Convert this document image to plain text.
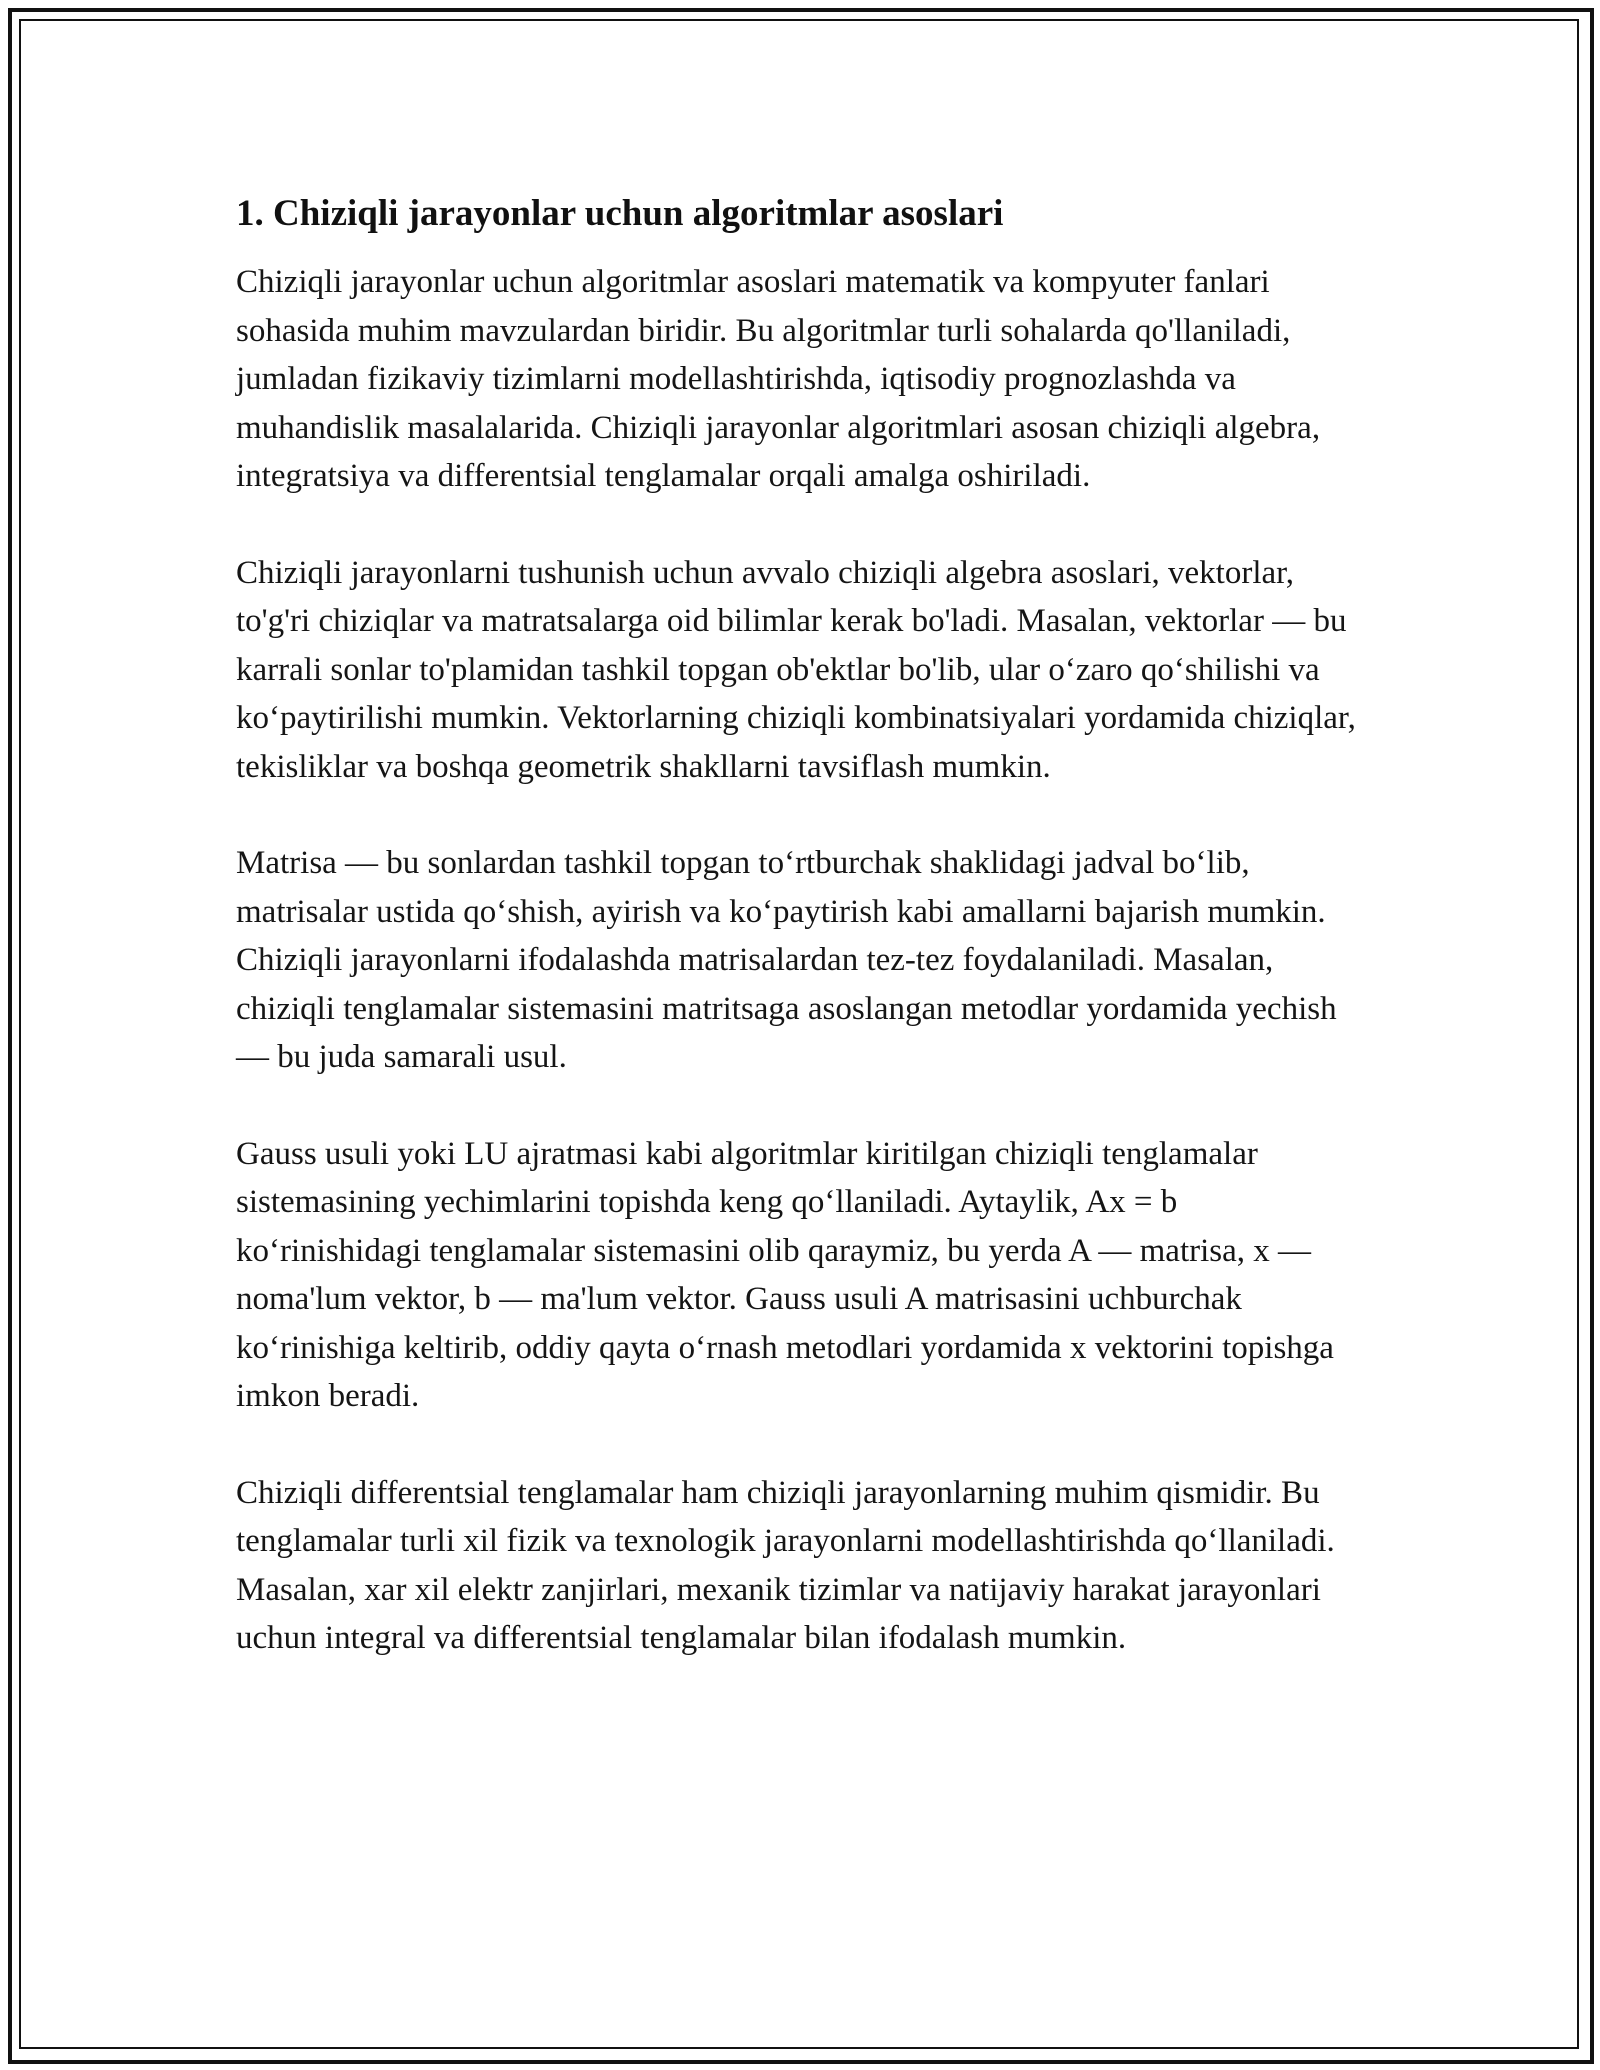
1. Chiziqli jarayonlar uchun algoritmlar asoslari

Chiziqli jarayonlar uchun algoritmlar asoslari matematik va kompyuter fanlari sohasida muhim mavzulardan biridir. Bu algoritmlar turli sohalarda qo'llaniladi, jumladan fizikaviy tizimlarni modellashtirishda, iqtisodiy prognozlashda va muhandislik masalalarida. Chiziqli jarayonlar algoritmlari asosan chiziqli algebra, integratsiya va differentsial tenglamalar orqali amalga oshiriladi.

Chiziqli jarayonlarni tushunish uchun avvalo chiziqli algebra asoslari, vektorlar, to'g'ri chiziqlar va matratsalarga oid bilimlar kerak bo'ladi. Masalan, vektorlar — bu karrali sonlar to'plamidan tashkil topgan ob'ektlar bo'lib, ular o‘zaro qo‘shilishi va ko‘paytirilishi mumkin. Vektorlarning chiziqli kombinatsiyalari yordamida chiziqlar, tekisliklar va boshqa geometrik shakllarni tavsiflash mumkin.

Matrisa — bu sonlardan tashkil topgan to‘rtburchak shaklidagi jadval bo‘lib, matrisalar ustida qo‘shish, ayirish va ko‘paytirish kabi amallarni bajarish mumkin. Chiziqli jarayonlarni ifodalashda matrisalardan tez-tez foydalaniladi. Masalan, chiziqli tenglamalar sistemasini matritsaga asoslangan metodlar yordamida yechish — bu juda samarali usul.

Gauss usuli yoki LU ajratmasi kabi algoritmlar kiritilgan chiziqli tenglamalar sistemasining yechimlarini topishda keng qo‘llaniladi. Aytaylik, Ax = b ko‘rinishidagi tenglamalar sistemasini olib qaraymiz, bu yerda A — matrisa, x — noma'lum vektor, b — ma'lum vektor. Gauss usuli A matrisasini uchburchak ko‘rinishiga keltirib, oddiy qayta o‘rnash metodlari yordamida x vektorini topishga imkon beradi.

Chiziqli differentsial tenglamalar ham chiziqli jarayonlarning muhim qismidir. Bu tenglamalar turli xil fizik va texnologik jarayonlarni modellashtirishda qo‘llaniladi. Masalan, xar xil elektr zanjirlari, mexanik tizimlar va natijaviy harakat jarayonlari uchun integral va differentsial tenglamalar bilan ifodalash mumkin.
